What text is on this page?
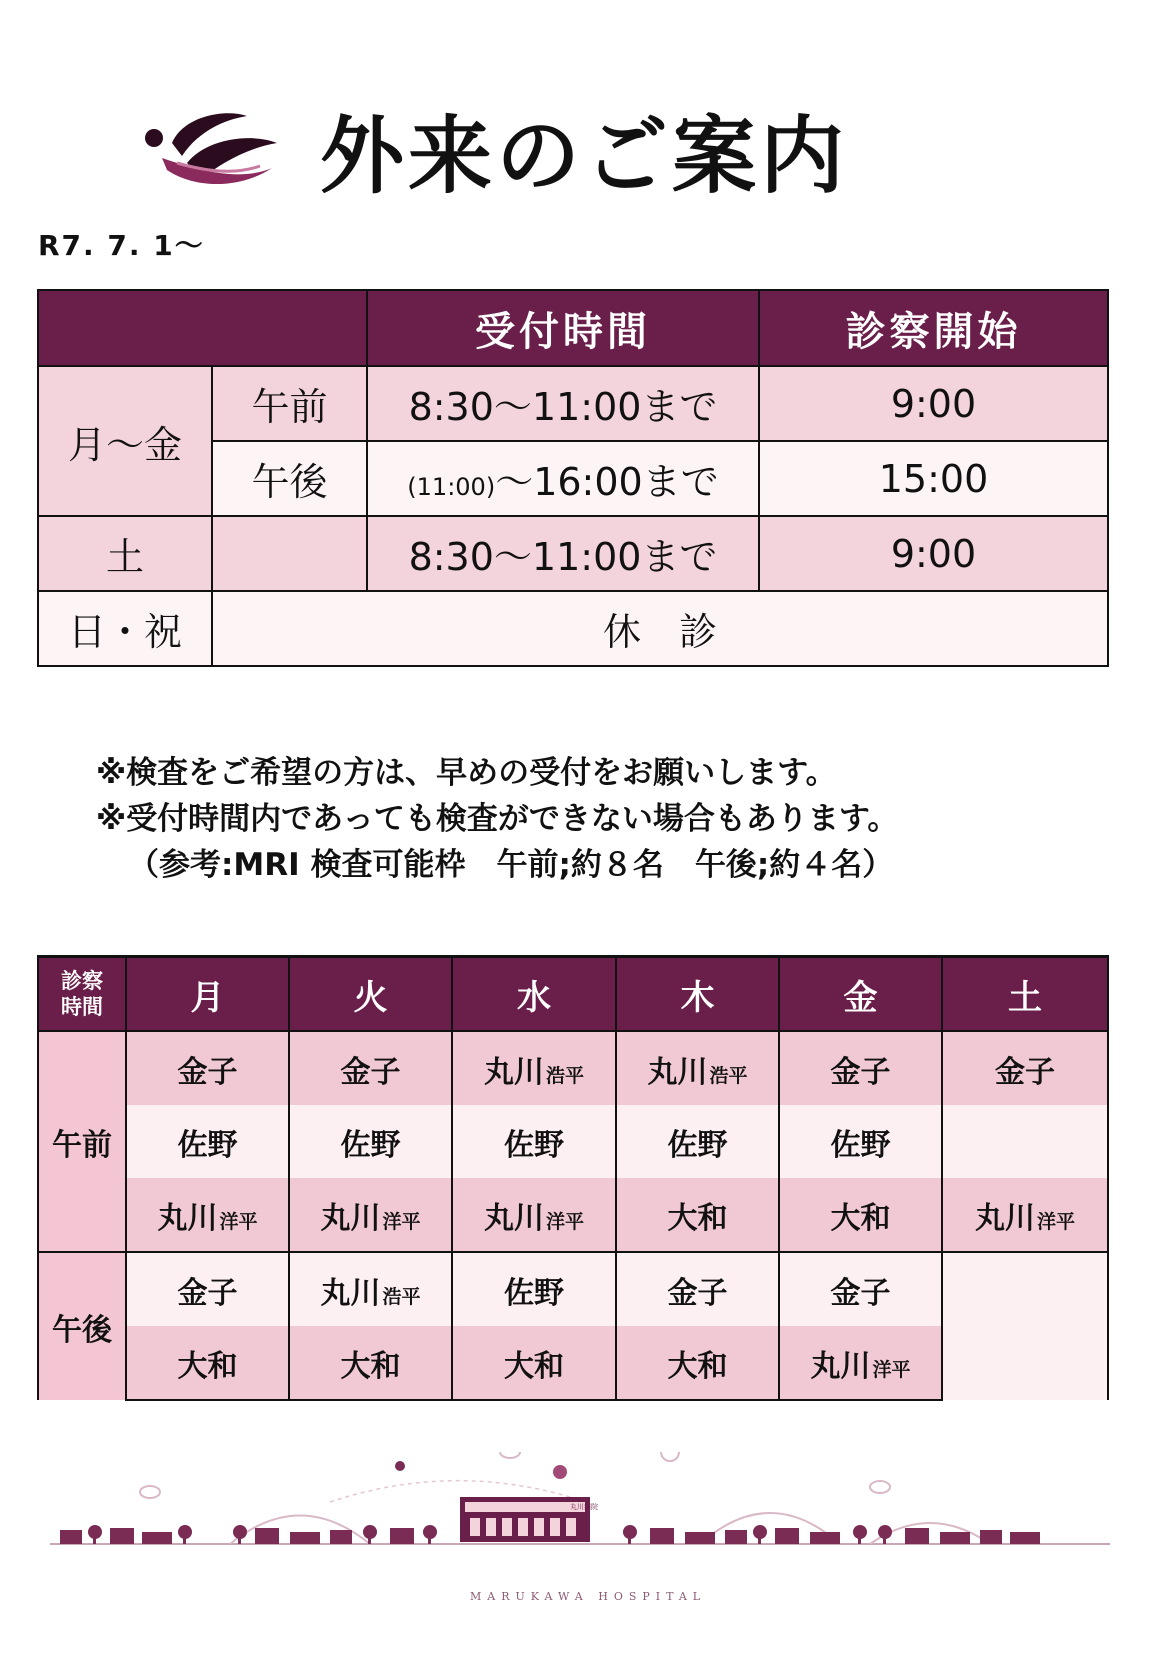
外来のご案内
R7. 7. 1～
		受付時間	診察開始
月～金	午前	8:30～11:00まで	9:00
	午後	(11:00)～16:00まで	15:00
土		8:30～11:00まで	9:00
日・祝	休　診		
※検査をご希望の方は、早めの受付をお願いします。
※受付時間内であっても検査ができない場合もあります。
（参考:MRI 検査可能枠　午前;約８名　午後;約４名）
診察
時間	月	火	水	木	金	土
午前	金子	金子	丸川 浩平	丸川 浩平	金子	金子
	佐野	佐野	佐野	佐野	佐野	
	丸川 洋平	丸川 洋平	丸川 洋平	大和	大和	丸川 洋平
午後	金子	丸川 浩平	佐野	金子	金子	
	大和	大和	大和	大和	丸川 洋平	
丸川病院
MARUKAWA HOSPITAL
